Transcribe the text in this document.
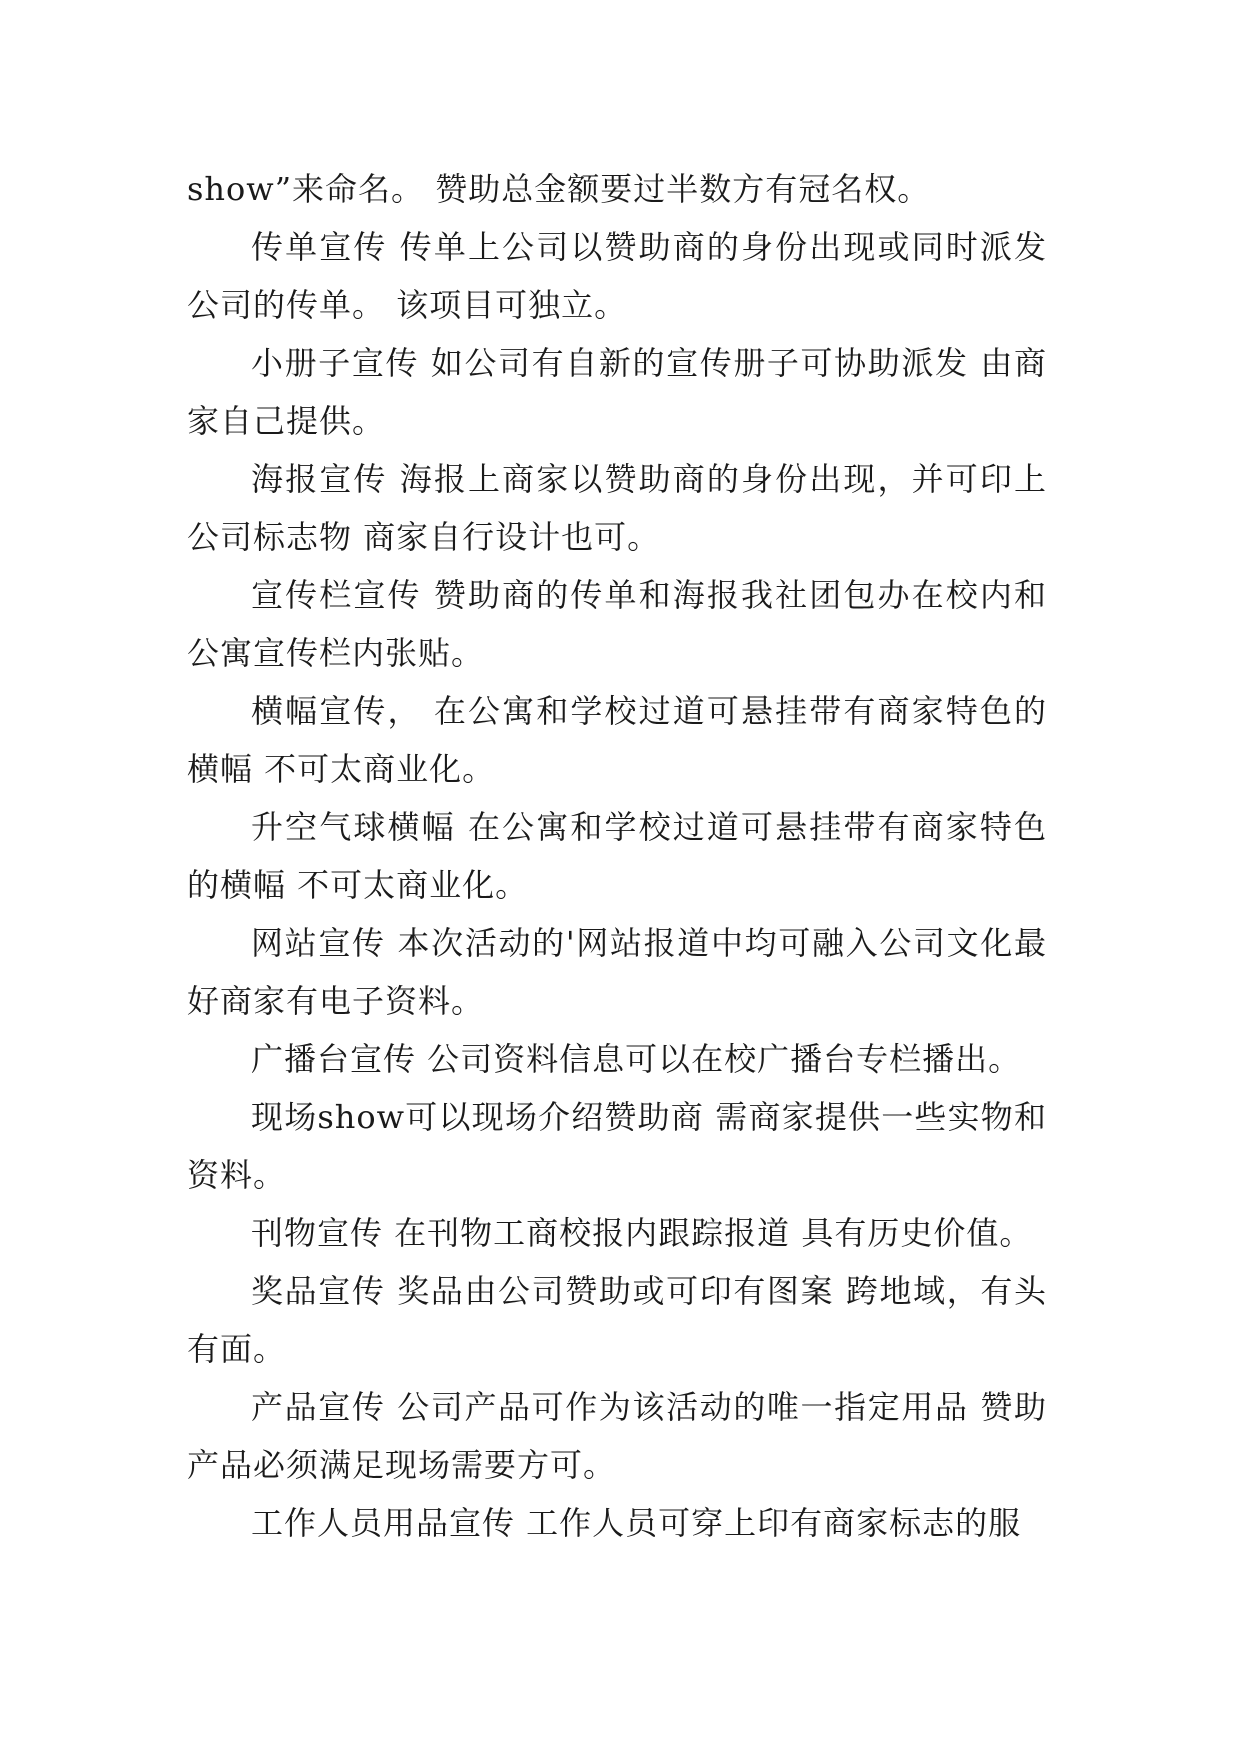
show”来命名。 赞助总金额要过半数方有冠名权。

传单宣传 传单上公司以赞助商的身份出现或同时派发公司的传单。 该项目可独立。

小册子宣传 如公司有自新的宣传册子可协助派发 由商家自己提供。

海报宣传 海报上商家以赞助商的身份出现，并可印上公司标志物 商家自行设计也可。

宣传栏宣传 赞助商的传单和海报我社团包办在校内和公寓宣传栏内张贴。

横幅宣传， 在公寓和学校过道可悬挂带有商家特色的横幅 不可太商业化。

升空气球横幅 在公寓和学校过道可悬挂带有商家特色的横幅 不可太商业化。

网站宣传 本次活动的'网站报道中均可融入公司文化最好商家有电子资料。

广播台宣传 公司资料信息可以在校广播台专栏播出。

现场show可以现场介绍赞助商 需商家提供一些实物和资料。

刊物宣传 在刊物工商校报内跟踪报道 具有历史价值。

奖品宣传 奖品由公司赞助或可印有图案 跨地域，有头有面。

产品宣传 公司产品可作为该活动的唯一指定用品 赞助产品必须满足现场需要方可。

工作人员用品宣传 工作人员可穿上印有商家标志的服
